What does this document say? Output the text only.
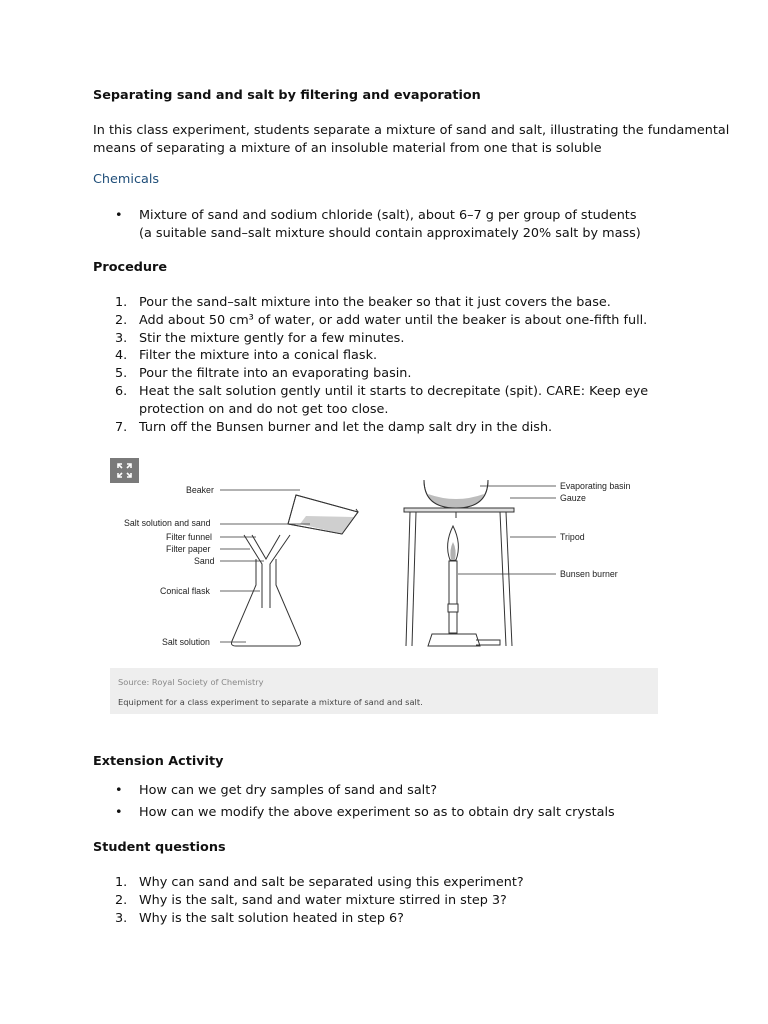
Separating sand and salt by filtering and evaporation
In this class experiment, students separate a mixture of sand and salt, illustrating the fundamental means of separating a mixture of an insoluble material from one that is soluble
Chemicals
• Mixture of sand and sodium chloride (salt), about 6–7 g per group of students
(a suitable sand–salt mixture should contain approximately 20% salt by mass)
Procedure
1. Pour the sand–salt mixture into the beaker so that it just covers the base.
2. Add about 50 cm³ of water, or add water until the beaker is about one-fifth full.
3. Stir the mixture gently for a few minutes.
4. Filter the mixture into a conical flask.
5. Pour the filtrate into an evaporating basin.
6. Heat the salt solution gently until it starts to decrepitate (spit). CARE: Keep eye protection on and do not get too close.
7. Turn off the Bunsen burner and let the damp salt dry in the dish.
Beaker
Salt solution and sand
Filter funnel
Filter paper
Sand
Conical flask
Salt solution
Evaporating basin
Gauze
Tripod
Bunsen burner
Source: Royal Society of Chemistry
Equipment for a class experiment to separate a mixture of sand and salt.
Extension Activity
• How can we get dry samples of sand and salt?
• How can we modify the above experiment so as to obtain dry salt crystals
Student questions
1. Why can sand and salt be separated using this experiment?
2. Why is the salt, sand and water mixture stirred in step 3?
3. Why is the salt solution heated in step 6?
